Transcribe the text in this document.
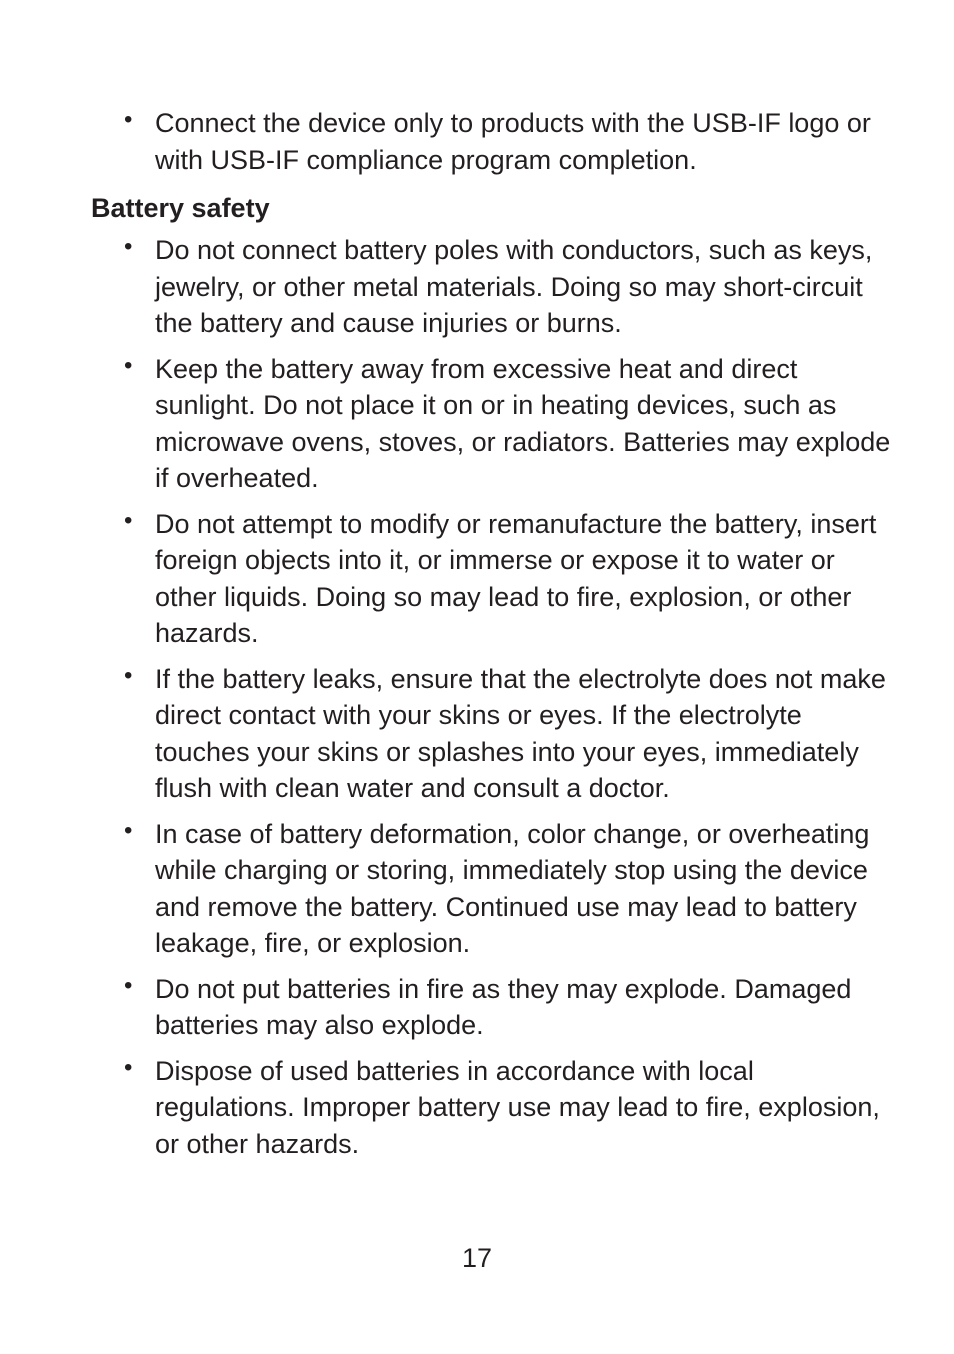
• Connect the device only to products with the USB-IF logo or with USB-IF compliance program completion.
Battery safety
• Do not connect battery poles with conductors, such as keys, jewelry, or other metal materials. Doing so may short-circuit the battery and cause injuries or burns.
• Keep the battery away from excessive heat and direct sunlight. Do not place it on or in heating devices, such as microwave ovens, stoves, or radiators. Batteries may explode if overheated.
• Do not attempt to modify or remanufacture the battery, insert foreign objects into it, or immerse or expose it to water or other liquids. Doing so may lead to fire, explosion, or other hazards.
• If the battery leaks, ensure that the electrolyte does not make direct contact with your skins or eyes. If the electrolyte touches your skins or splashes into your eyes, immediately flush with clean water and consult a doctor.
• In case of battery deformation, color change, or overheating while charging or storing, immediately stop using the device and remove the battery. Continued use may lead to battery leakage, fire, or explosion.
• Do not put batteries in fire as they may explode. Damaged batteries may also explode.
• Dispose of used batteries in accordance with local regulations. Improper battery use may lead to fire, explosion, or other hazards.
17
